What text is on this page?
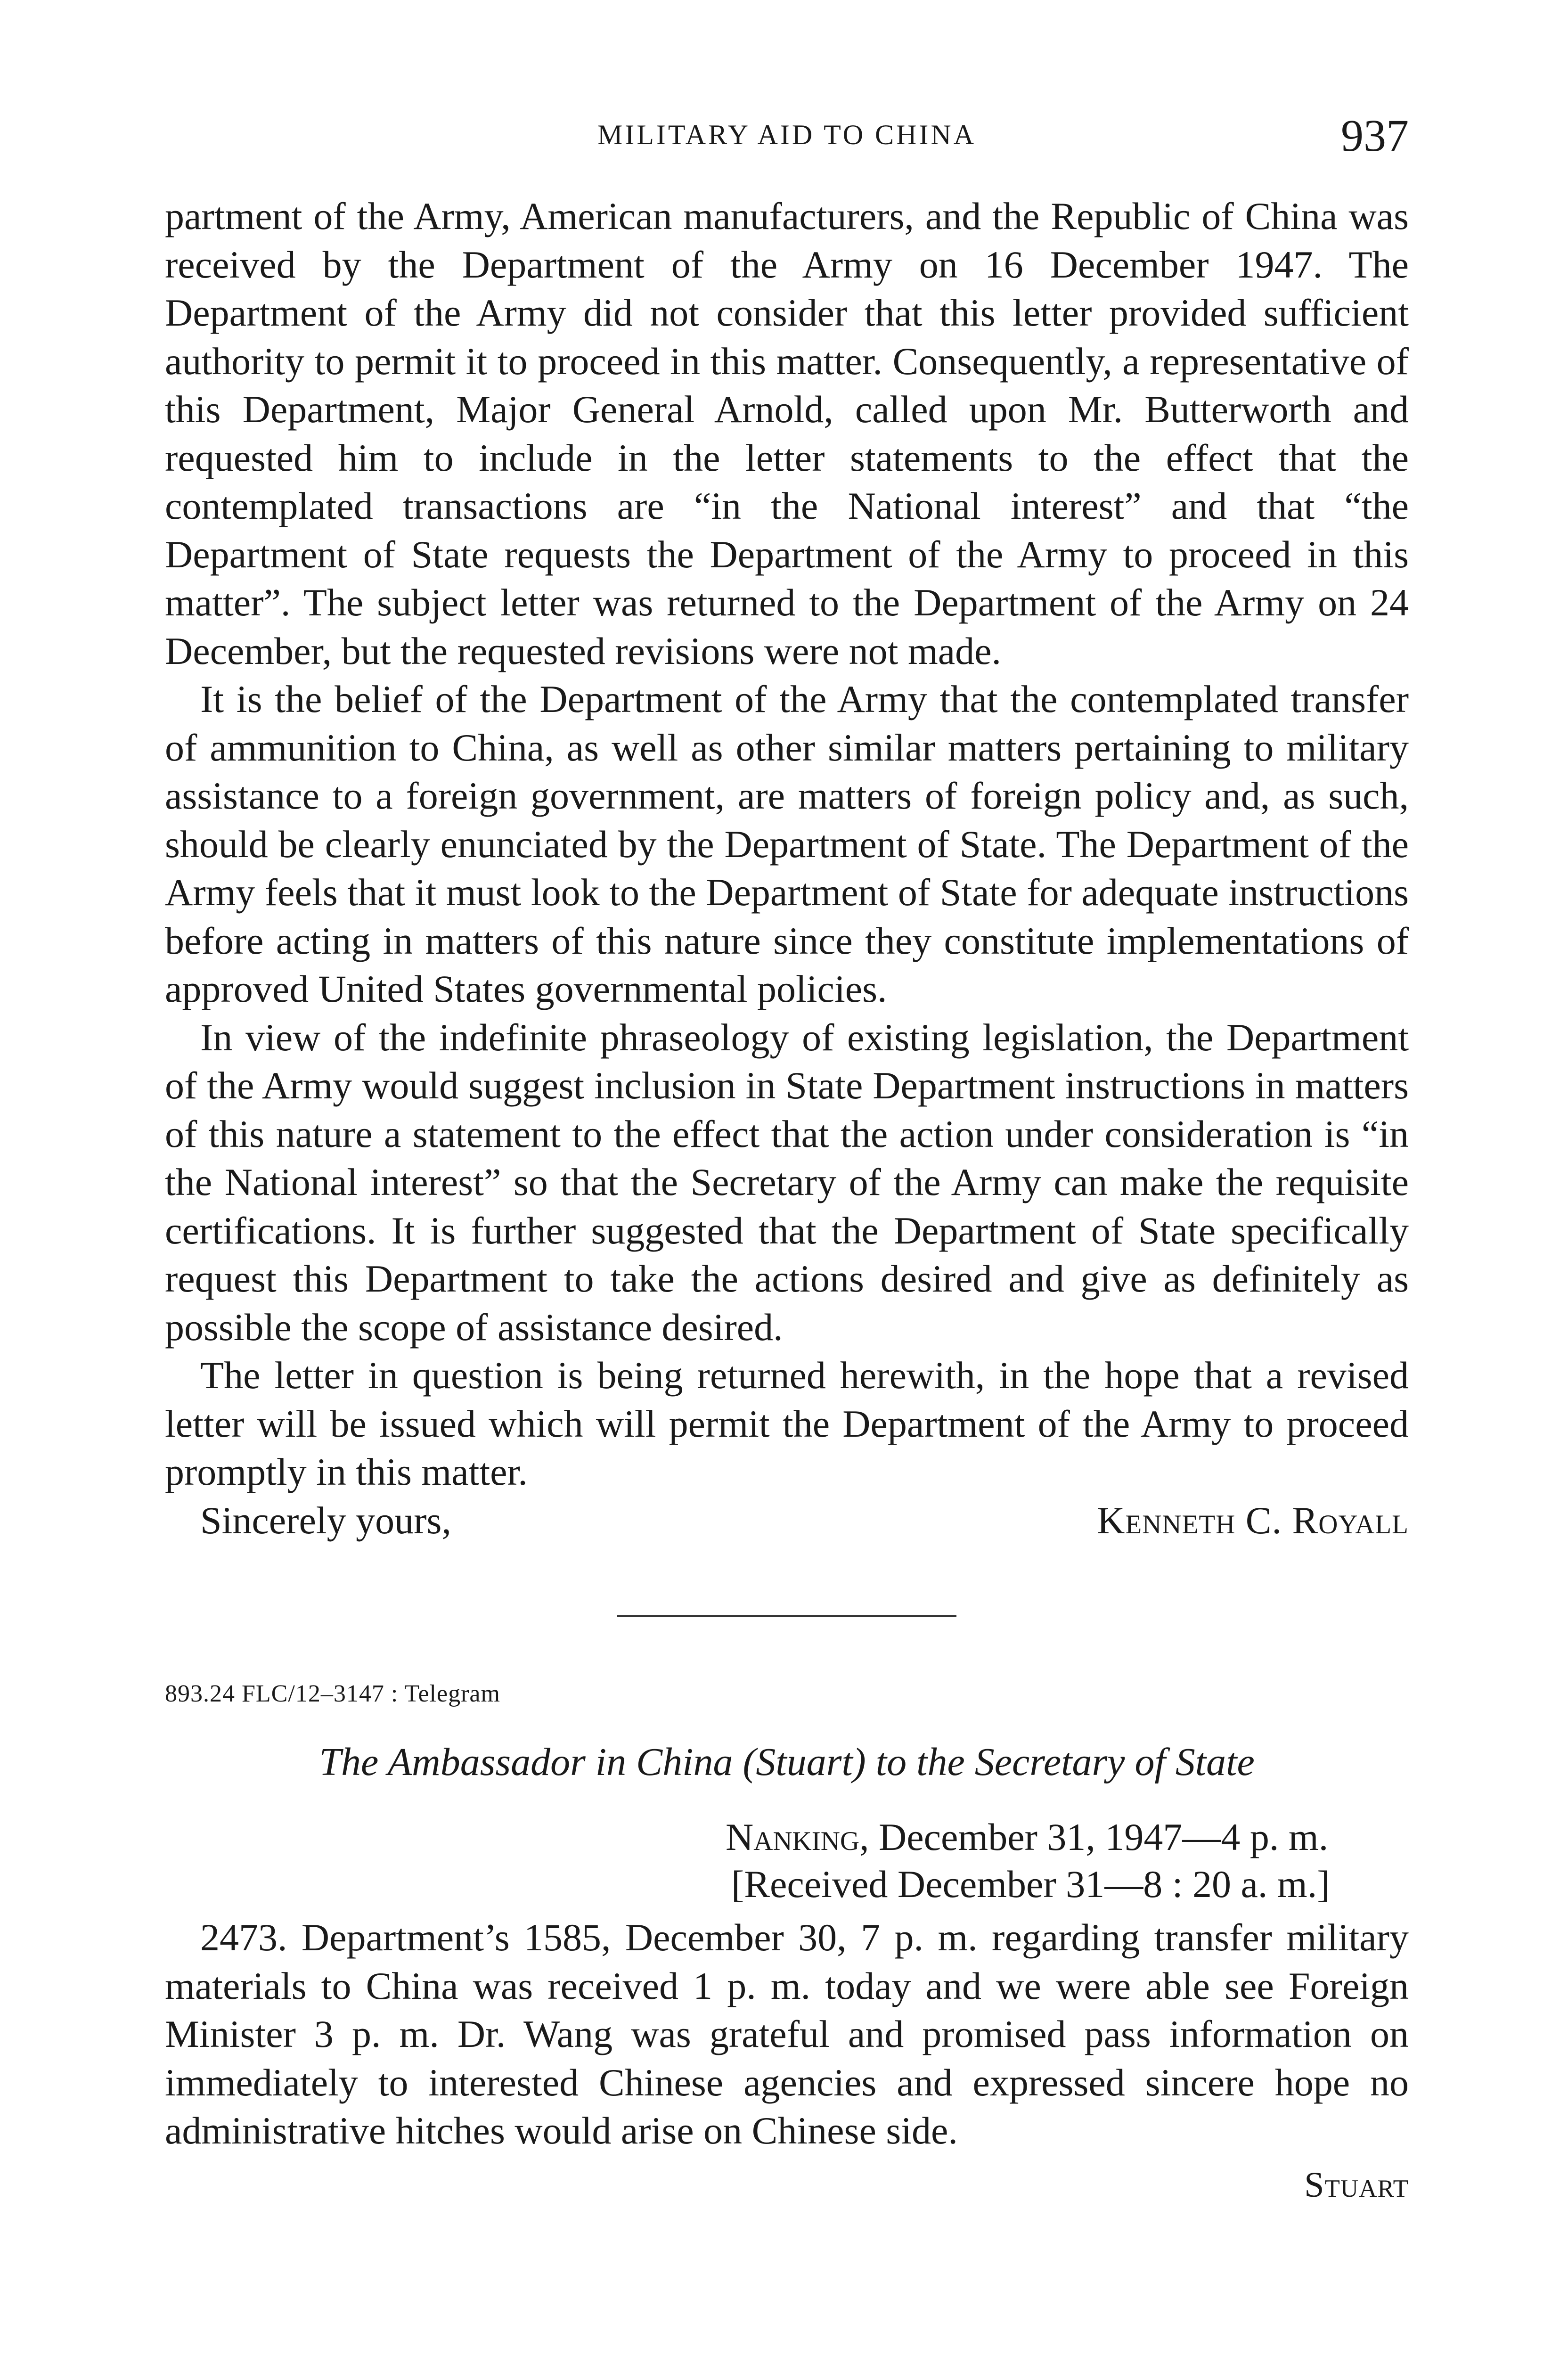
MILITARY AID TO CHINA	937

partment of the Army, American manufacturers, and the Republic of China was received by the Department of the Army on 16 December 1947. The Department of the Army did not consider that this letter provided sufficient authority to permit it to proceed in this matter. Consequently, a representative of this Department, Major General Arnold, called upon Mr. Butterworth and requested him to include in the letter statements to the effect that the contemplated transactions are “in the National interest” and that “the Department of State requests the Department of the Army to proceed in this matter”. The subject letter was returned to the Department of the Army on 24 December, but the requested revisions were not made.

It is the belief of the Department of the Army that the contemplated transfer of ammunition to China, as well as other similar matters pertaining to military assistance to a foreign government, are matters of foreign policy and, as such, should be clearly enunciated by the Department of State. The Department of the Army feels that it must look to the Department of State for adequate instructions before acting in matters of this nature since they constitute implementations of approved United States governmental policies.

In view of the indefinite phraseology of existing legislation, the Department of the Army would suggest inclusion in State Department instructions in matters of this nature a statement to the effect that the action under consideration is “in the National interest” so that the Secretary of the Army can make the requisite certifications. It is further suggested that the Department of State specifically request this Department to take the actions desired and give as definitely as possible the scope of assistance desired.

The letter in question is being returned herewith, in the hope that a revised letter will be issued which will permit the Department of the Army to proceed promptly in this matter.

Sincerely yours,	Kenneth C. Royall
893.24 FLC/12–3147 : Telegram
The Ambassador in China (Stuart) to the Secretary of State
Nanking, December 31, 1947—4 p. m.
[Received December 31—8 : 20 a. m.]

2473. Department’s 1585, December 30, 7 p. m. regarding transfer military materials to China was received 1 p. m. today and we were able see Foreign Minister 3 p. m. Dr. Wang was grateful and promised pass information on immediately to interested Chinese agencies and expressed sincere hope no administrative hitches would arise on Chinese side.

Stuart
